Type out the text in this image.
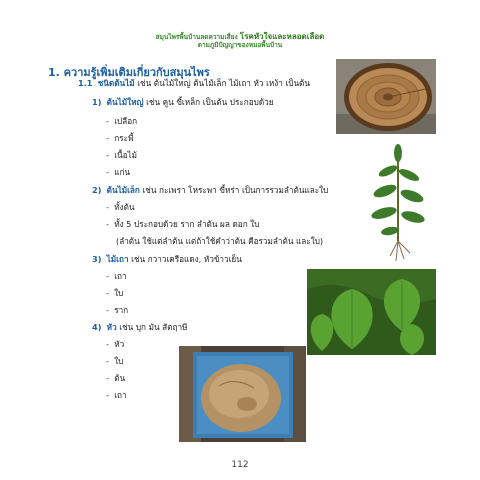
สมุนไพรพื้นบ้านลดความเสี่ยง โรคหัวใจและหลอดเลือด
ตามภูมิปัญญาของหมอพื้นบ้าน
1. ความรู้เพิ่มเติมเกี่ยวกับสมุนไพร
1.1 ชนิดต้นไม้ เช่น ต้นไม้ใหญ่ ต้นไม้เล็ก ไม้เถา หัว เหง้า เป็นต้น
1) ต้นไม้ใหญ่ เช่น คูน ขี้เหล็ก เป็นต้น ประกอบด้วย
- เปลือก
- กระพี้
- เนื้อไม้
- แก่น
2) ต้นไม้เล็ก เช่น กะเพรา โหระพา ขี้หร่า เป็นการรวมลำต้นและใบ
- ทั้งต้น
- ทั้ง 5 ประกอบด้วย ราก ลำต้น ผล ดอก ใบ
(ลำต้น ใช้แต่ลำต้น แต่ถ้าใช้คำว่าต้น คือรวมลำต้น และใบ)
3) ไม้เถา เช่น กวาวเครือแดง, หัวข้าวเย็น
- เถา
- ใบ
- ราก
4) หัว เช่น บุก มัน สัตฤาษี
- หัว
- ใบ
- ต้น
- เถา
112
